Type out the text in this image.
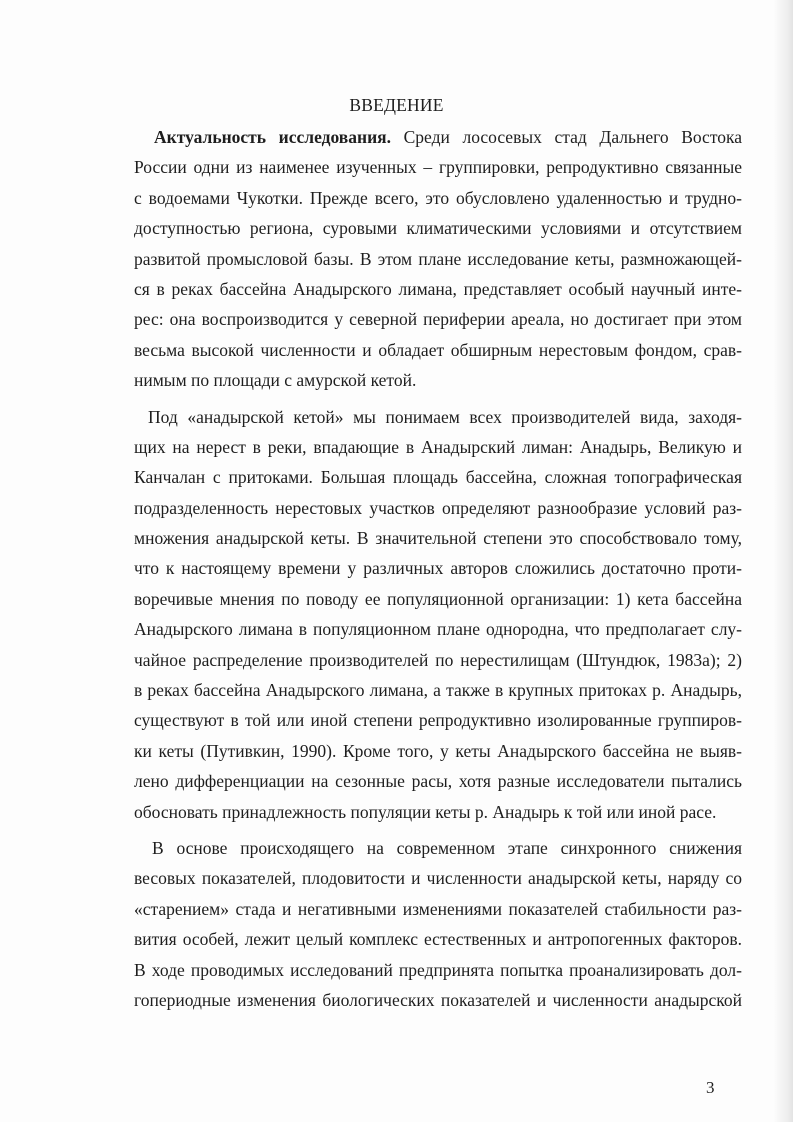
ВВЕДЕНИЕ
Актуальность исследования. Среди лососевых стад Дальнего Востока
России одни из наименее изученных – группировки, репродуктивно связанные
с водоемами Чукотки. Прежде всего, это обусловлено удаленностью и трудно-
доступностью региона, суровыми климатическими условиями и отсутствием
развитой промысловой базы. В этом плане исследование кеты, размножающей-
ся в реках бассейна Анадырского лимана, представляет особый научный инте-
рес: она воспроизводится у северной периферии ареала, но достигает при этом
весьма высокой численности и обладает обширным нерестовым фондом, срав-
нимым по площади с амурской кетой.
Под «анадырской кетой» мы понимаем всех производителей вида, заходя-
щих на нерест в реки, впадающие в Анадырский лиман: Анадырь, Великую и
Канчалан с притоками. Большая площадь бассейна, сложная топографическая
подразделенность нерестовых участков определяют разнообразие условий раз-
множения анадырской кеты. В значительной степени это способствовало тому,
что к настоящему времени у различных авторов сложились достаточно проти-
воречивые мнения по поводу ее популяционной организации: 1) кета бассейна
Анадырского лимана в популяционном плане однородна, что предполагает слу-
чайное распределение производителей по нерестилищам (Штундюк, 1983а); 2)
в реках бассейна Анадырского лимана, а также в крупных притоках р. Анадырь,
существуют в той или иной степени репродуктивно изолированные группиров-
ки кеты (Путивкин, 1990). Кроме того, у кеты Анадырского бассейна не выяв-
лено дифференциации на сезонные расы, хотя разные исследователи пытались
обосновать принадлежность популяции кеты р. Анадырь к той или иной расе.
В основе происходящего на современном этапе синхронного снижения
весовых показателей, плодовитости и численности анадырской кеты, наряду со
«старением» стада и негативными изменениями показателей стабильности раз-
вития особей, лежит целый комплекс естественных и антропогенных факторов.
В ходе проводимых исследований предпринята попытка проанализировать дол-
гопериодные изменения биологических показателей и численности анадырской
3
